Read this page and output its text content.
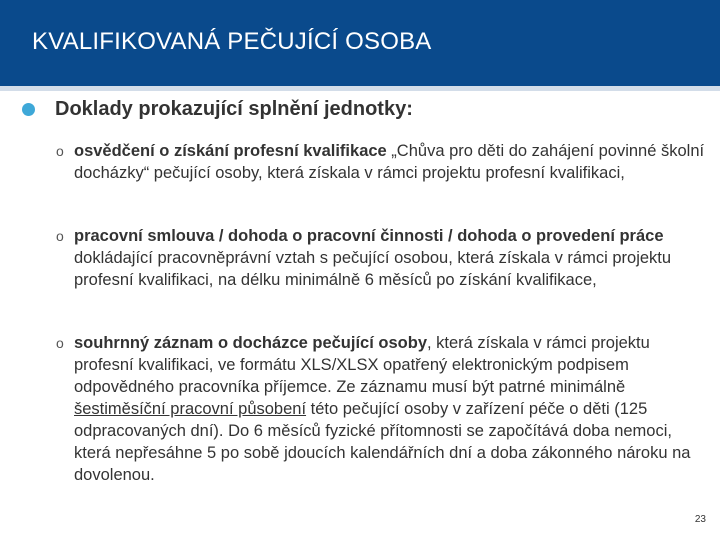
KVALIFIKOVANÁ PEČUJÍCÍ OSOBA
Doklady prokazující splnění jednotky:
o osvědčení o získání profesní kvalifikace „Chůva pro děti do zahájení povinné školní docházky“ pečující osoby, která získala v rámci projektu profesní kvalifikaci,
o pracovní smlouva / dohoda o pracovní činnosti / dohoda o provedení práce dokládající pracovněprávní vztah s pečující osobou, která získala v rámci projektu profesní kvalifikaci, na délku minimálně 6 měsíců po získání kvalifikace,
o souhrnný záznam o docházce pečující osoby, která získala v rámci projektu profesní kvalifikaci, ve formátu XLS/XLSX opatřený elektronickým podpisem odpovědného pracovníka příjemce. Ze záznamu musí být patrné minimálně šestiměsíční pracovní působení této pečující osoby v zařízení péče o děti (125 odpracovaných dní). Do 6 měsíců fyzické přítomnosti se započítává doba nemoci, která nepřesáhne 5 po sobě jdoucích kalendářních dní a doba zákonného nároku na dovolenou.
23
